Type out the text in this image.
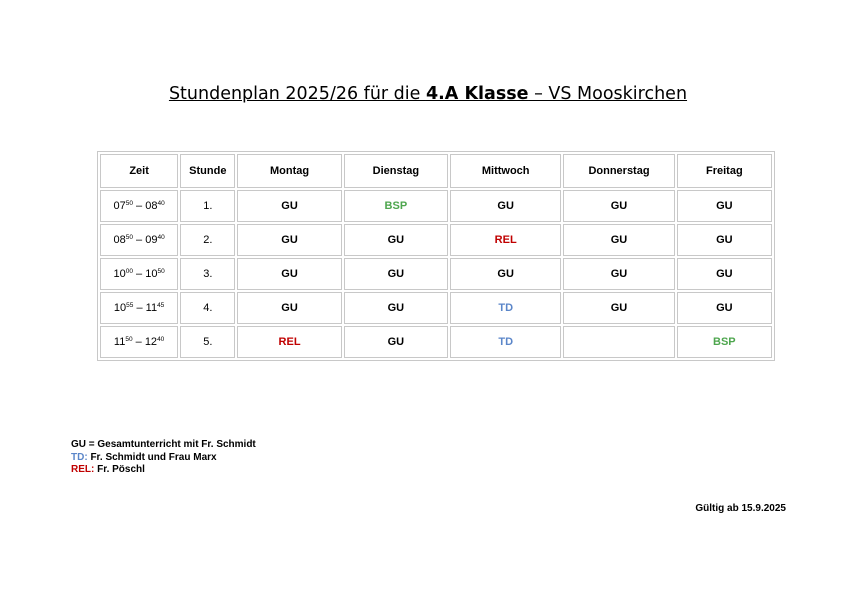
Stundenplan 2025/26 für die 4.A Klasse – VS Mooskirchen
Zeit	Stunde	Montag	Dienstag	Mittwoch	Donnerstag	Freitag
$07^{50} - 08^{40}$	1.	GU	BSP	GU	GU	GU
$08^{50} - 09^{40}$	2.	GU	GU	REL	GU	GU
$10^{00} - 10^{50}$	3.	GU	GU	GU	GU	GU
$10^{55} - 11^{45}$	4.	GU	GU	TD	GU	GU
$11^{50} - 12^{40}$	5.	REL	GU	TD		BSP
GU = Gesamtunterricht mit Fr. Schmidt
TD: Fr. Schmidt und Frau Marx
REL: Fr. Pöschl
Gültig ab 15.9.2025
